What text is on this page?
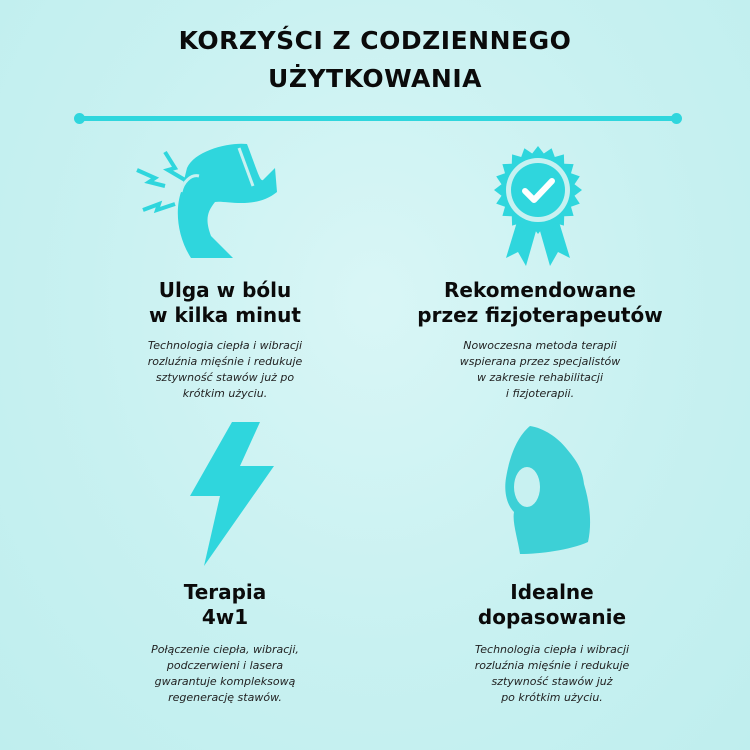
KORZYŚCI Z CODZIENNEGO
UŻYTKOWANIA
Ulga w bólu
w kilka minut
Technologia ciepła i wibracji
rozluźnia mięśnie i redukuje
sztywność stawów już po
krótkim użyciu.
Rekomendowane
przez fizjoterapeutów
Nowoczesna metoda terapii
wspierana przez specjalistów
w zakresie rehabilitacji
i fizjoterapii.
Terapia
4w1
Połączenie ciepła, wibracji,
podczerwieni i lasera
gwarantuje kompleksową
regenerację stawów.
Idealne
dopasowanie
Technologia ciepła i wibracji
rozluźnia mięśnie i redukuje
sztywność stawów już
po krótkim użyciu.
